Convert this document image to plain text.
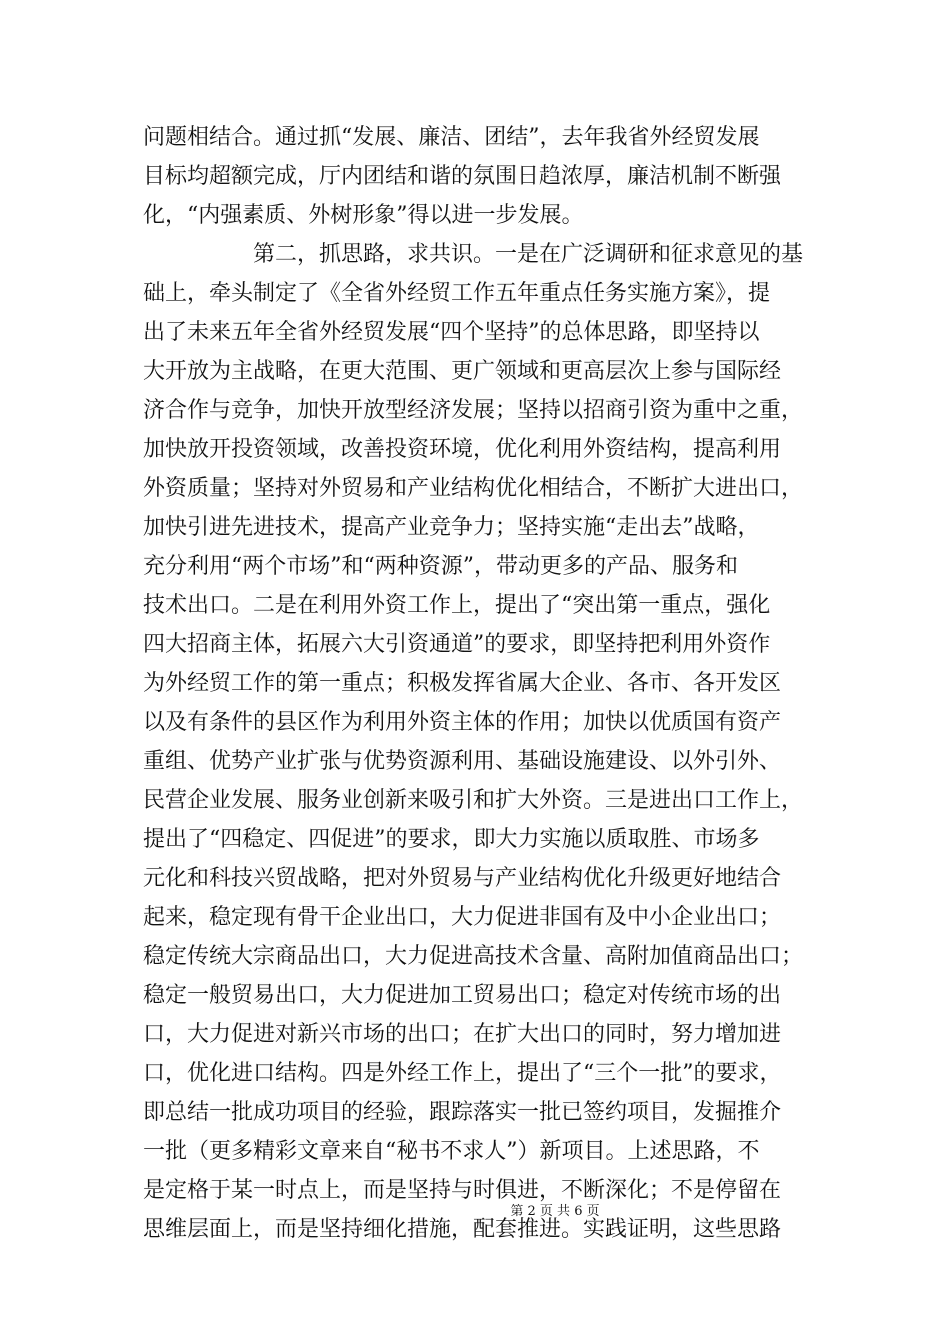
问题相结合。通过抓“发展、廉洁、团结”，去年我省外经贸发展
目标均超额完成，厅内团结和谐的氛围日趋浓厚，廉洁机制不断强
化，“内强素质、外树形象”得以进一步发展。
　　　　　第二，抓思路，求共识。一是在广泛调研和征求意见的基
础上，牵头制定了《全省外经贸工作五年重点任务实施方案》，提
出了未来五年全省外经贸发展“四个坚持”的总体思路，即坚持以
大开放为主战略，在更大范围、更广领域和更高层次上参与国际经
济合作与竞争，加快开放型经济发展；坚持以招商引资为重中之重，
加快放开投资领域，改善投资环境，优化利用外资结构，提高利用
外资质量；坚持对外贸易和产业结构优化相结合，不断扩大进出口，
加快引进先进技术，提高产业竞争力；坚持实施“走出去”战略，
充分利用“两个市场”和“两种资源”，带动更多的产品、服务和
技术出口。二是在利用外资工作上，提出了“突出第一重点，强化
四大招商主体，拓展六大引资通道”的要求，即坚持把利用外资作
为外经贸工作的第一重点；积极发挥省属大企业、各市、各开发区
以及有条件的县区作为利用外资主体的作用；加快以优质国有资产
重组、优势产业扩张与优势资源利用、基础设施建设、以外引外、
民营企业发展、服务业创新来吸引和扩大外资。三是进出口工作上，
提出了“四稳定、四促进”的要求，即大力实施以质取胜、市场多
元化和科技兴贸战略，把对外贸易与产业结构优化升级更好地结合
起来，稳定现有骨干企业出口，大力促进非国有及中小企业出口；
稳定传统大宗商品出口，大力促进高技术含量、高附加值商品出口；
稳定一般贸易出口，大力促进加工贸易出口；稳定对传统市场的出
口，大力促进对新兴市场的出口；在扩大出口的同时，努力增加进
口，优化进口结构。四是外经工作上，提出了“三个一批”的要求，
即总结一批成功项目的经验，跟踪落实一批已签约项目，发掘推介
一批（更多精彩文章来自“秘书不求人”）新项目。上述思路，不
是定格于某一时点上，而是坚持与时俱进，不断深化；不是停留在
思维层面上，而是坚持细化措施，配套推进。实践证明，这些思路
第 2 页 共 6 页
